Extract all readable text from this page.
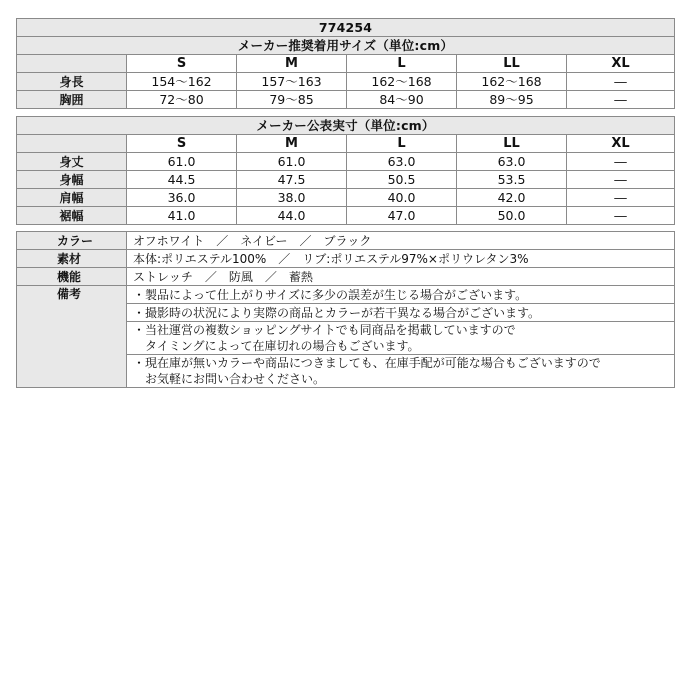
774254					
メーカー推奨着用サイズ（単位:cm）					
	S	M	L	LL	XL
身長	154～162	157～163	162～168	162～168	―
胸囲	72～80	79～85	84～90	89～95	―
メーカー公表実寸（単位:cm）					
	S	M	L	LL	XL
身丈	61.0	61.0	63.0	63.0	―
身幅	44.5	47.5	50.5	53.5	―
肩幅	36.0	38.0	40.0	42.0	―
裾幅	41.0	44.0	47.0	50.0	―
カラー	オフホワイト　／　ネイビー　／　ブラック
素材	本体:ポリエステル100%　／　リブ:ポリエステル97%×ポリウレタン3%
機能	ストレッチ　／　防風　／　蓄熱
備考	・製品によって仕上がりサイズに多少の誤差が生じる場合がございます。

	・撮影時の状況により実際の商品とカラーが若干異なる場合がございます。

	・当社運営の複数ショッピングサイトでも同商品を掲載していますので
　タイミングによって在庫切れの場合もございます。

	・現在庫が無いカラーや商品につきましても、在庫手配が可能な場合もございますので
　お気軽にお問い合わせください。
